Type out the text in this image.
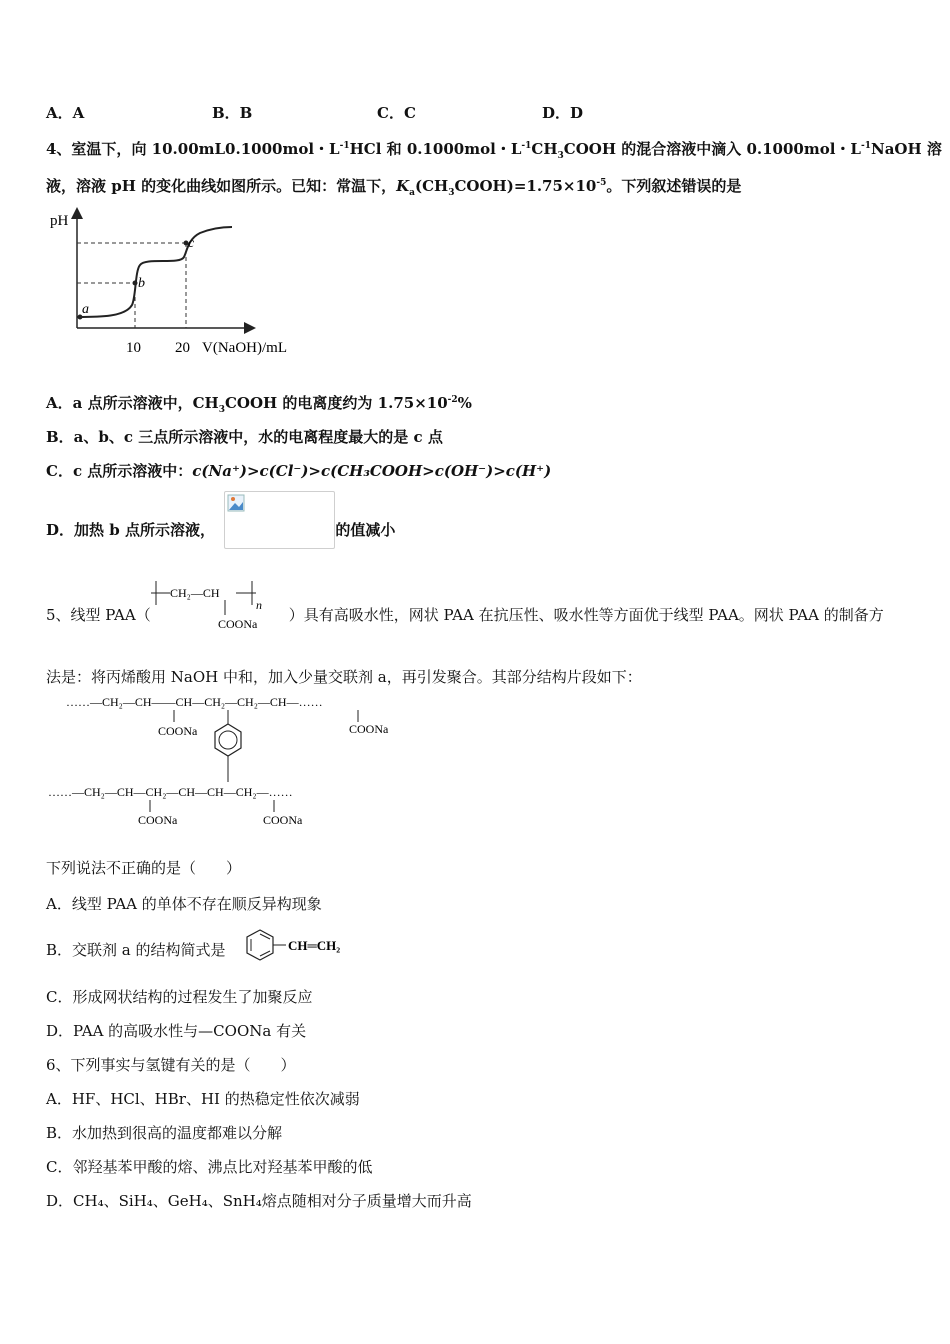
A．A	B．B	C．C	D．D
4、室温下，向 10.00mL0.1000mol・$L^{-1}HCl$ 和 0.1000mol・$L^{-1}CH_3COOH$ 的混合溶液中滴入 0.1000mol・$L^{-1}NaOH$ 溶
液，溶液 pH 的变化曲线如图所示。已知：常温下，$K_a(CH_3COOH)=1.75\times 10^{-5}$。下列叙述错误的是
pH
a
b
c
10 20 V(NaOH)/mL
A．a 点所示溶液中，$CH_3COOH$ 的电离度约为 $1.75\times 10^{-2}\%$
B．a、b、c 三点所示溶液中，水的电离程度最大的是 c 点
C．c 点所示溶液中：c(Na⁺)>c(Cl⁻)>c(CH₃COOH>c(OH⁻)>c(H⁺)
D．加热 b 点所示溶液，	的值减小
5、线型 PAA（	）具有高吸水性，网状 PAA 在抗压性、吸水性等方面优于线型 PAA。网状 PAA 的制备方
CH₂—CH
n
COONa
法是：将丙烯酸用 NaOH 中和，加入少量交联剂 a，再引发聚合。其部分结构片段如下：
……—CH₂—CH——CH—CH₂—CH₂—CH—……
COONa	COONa
……—CH₂—CH—CH₂—CH—CH—CH₂—……
COONa	COONa
下列说法不正确的是（　　）
A．线型 PAA 的单体不存在顺反异构现象
B．交联剂 a 的结构简式是	CH═CH₂
C．形成网状结构的过程发生了加聚反应
D．PAA 的高吸水性与—COONa 有关
6、下列事实与氢键有关的是（　　）
A．HF、HCl、HBr、HI 的热稳定性依次减弱
B．水加热到很高的温度都难以分解
C．邻羟基苯甲酸的熔、沸点比对羟基苯甲酸的低
D．CH₄、SiH₄、GeH₄、SnH₄熔点随相对分子质量增大而升高
